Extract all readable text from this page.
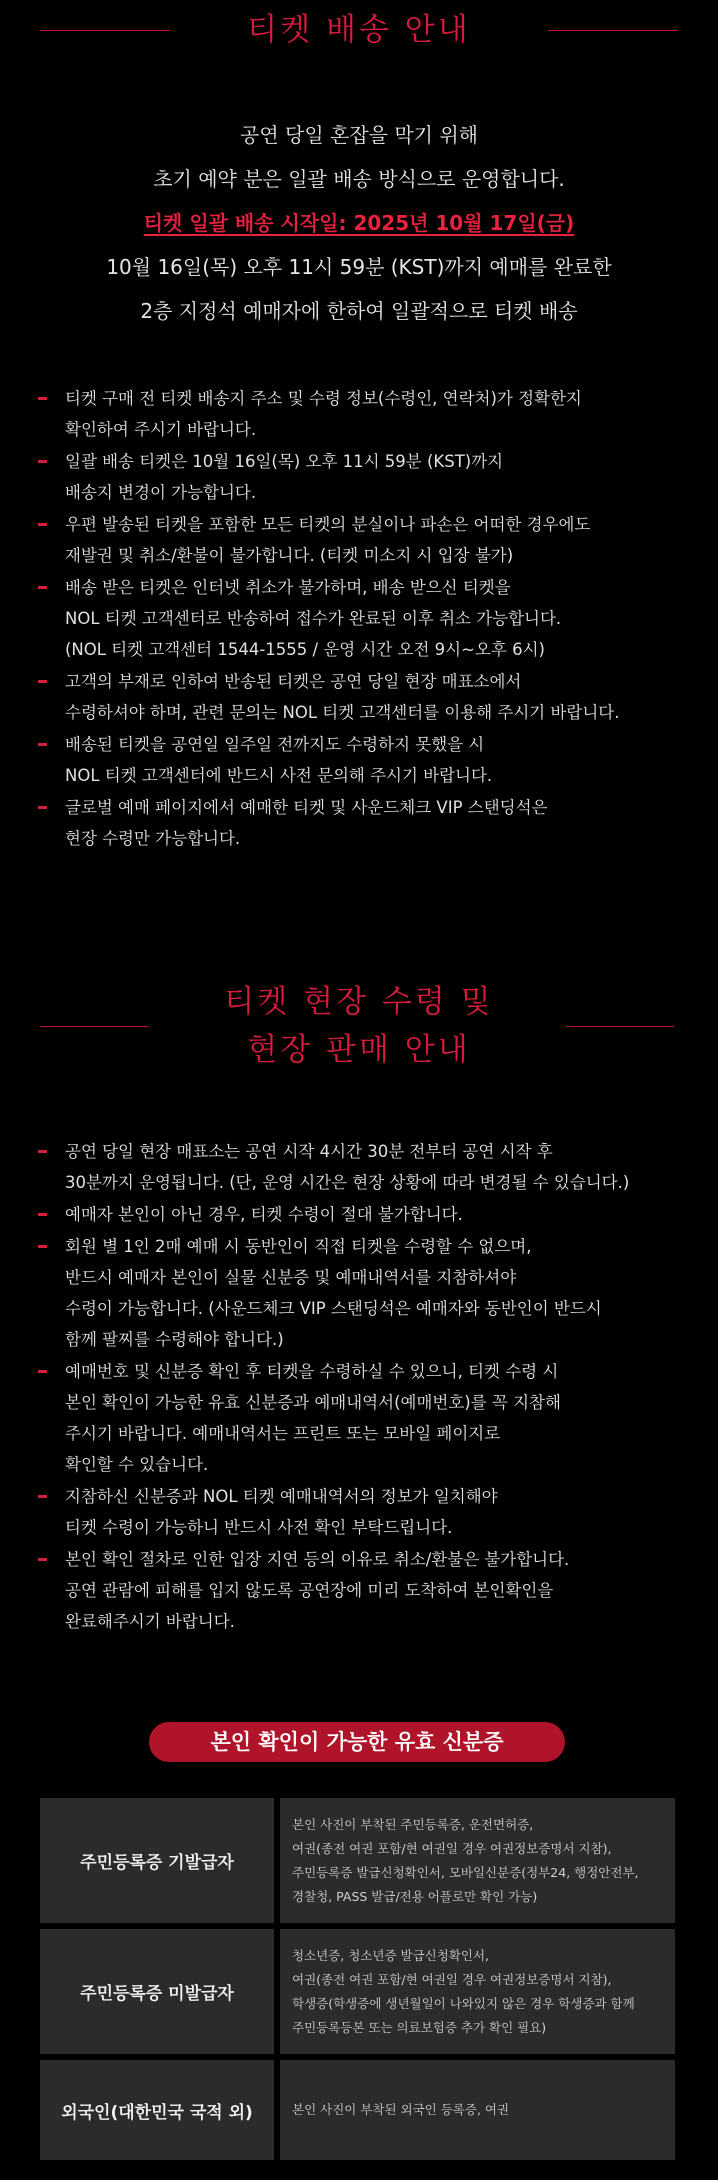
티켓 배송 안내
공연 당일 혼잡을 막기 위해
초기 예약 분은 일괄 배송 방식으로 운영합니다.
티켓 일괄 배송 시작일: 2025년 10월 17일(금)
10월 16일(목) 오후 11시 59분 (KST)까지 예매를 완료한
2층 지정석 예매자에 한하여 일괄적으로 티켓 배송
티켓 구매 전 티켓 배송지 주소 및 수령 정보(수령인, 연락처)가 정확한지
확인하여 주시기 바랍니다.
일괄 배송 티켓은 10월 16일(목) 오후 11시 59분 (KST)까지
배송지 변경이 가능합니다.
우편 발송된 티켓을 포함한 모든 티켓의 분실이나 파손은 어떠한 경우에도
재발권 및 취소/환불이 불가합니다. (티켓 미소지 시 입장 불가)
배송 받은 티켓은 인터넷 취소가 불가하며, 배송 받으신 티켓을
NOL 티켓 고객센터로 반송하여 접수가 완료된 이후 취소 가능합니다.
(NOL 티켓 고객센터 1544-1555 / 운영 시간 오전 9시~오후 6시)
고객의 부재로 인하여 반송된 티켓은 공연 당일 현장 매표소에서
수령하셔야 하며, 관련 문의는 NOL 티켓 고객센터를 이용해 주시기 바랍니다.
배송된 티켓을 공연일 일주일 전까지도 수령하지 못했을 시
NOL 티켓 고객센터에 반드시 사전 문의해 주시기 바랍니다.
글로벌 예매 페이지에서 예매한 티켓 및 사운드체크 VIP 스탠딩석은
현장 수령만 가능합니다.
티켓 현장 수령 및
현장 판매 안내
공연 당일 현장 매표소는 공연 시작 4시간 30분 전부터 공연 시작 후
30분까지 운영됩니다. (단, 운영 시간은 현장 상황에 따라 변경될 수 있습니다.)
예매자 본인이 아닌 경우, 티켓 수령이 절대 불가합니다.
회원 별 1인 2매 예매 시 동반인이 직접 티켓을 수령할 수 없으며,
반드시 예매자 본인이 실물 신분증 및 예매내역서를 지참하셔야
수령이 가능합니다. (사운드체크 VIP 스탠딩석은 예매자와 동반인이 반드시
함께 팔찌를 수령해야 합니다.)
예매번호 및 신분증 확인 후 티켓을 수령하실 수 있으니, 티켓 수령 시
본인 확인이 가능한 유효 신분증과 예매내역서(예매번호)를 꼭 지참해
주시기 바랍니다. 예매내역서는 프린트 또는 모바일 페이지로
확인할 수 있습니다.
지참하신 신분증과 NOL 티켓 예매내역서의 정보가 일치해야
티켓 수령이 가능하니 반드시 사전 확인 부탁드립니다.
본인 확인 절차로 인한 입장 지연 등의 이유로 취소/환불은 불가합니다.
공연 관람에 피해를 입지 않도록 공연장에 미리 도착하여 본인확인을
완료해주시기 바랍니다.
본인 확인이 가능한 유효 신분증
주민등록증 기발급자
본인 사진이 부착된 주민등록증, 운전면허증,
여권(종전 여권 포함/현 여권일 경우 여권정보증명서 지참),
주민등록증 발급신청확인서, 모바일신분증(정부24, 행정안전부,
경찰청, PASS 발급/전용 어플로만 확인 가능)
주민등록증 미발급자
청소년증, 청소년증 발급신청확인서,
여권(종전 여권 포함/현 여권일 경우 여권정보증명서 지참),
학생증(학생증에 생년월일이 나와있지 않은 경우 학생증과 함께
주민등록등본 또는 의료보험증 추가 확인 필요)
외국인(대한민국 국적 외)	본인 사진이 부착된 외국인 등록증, 여권
